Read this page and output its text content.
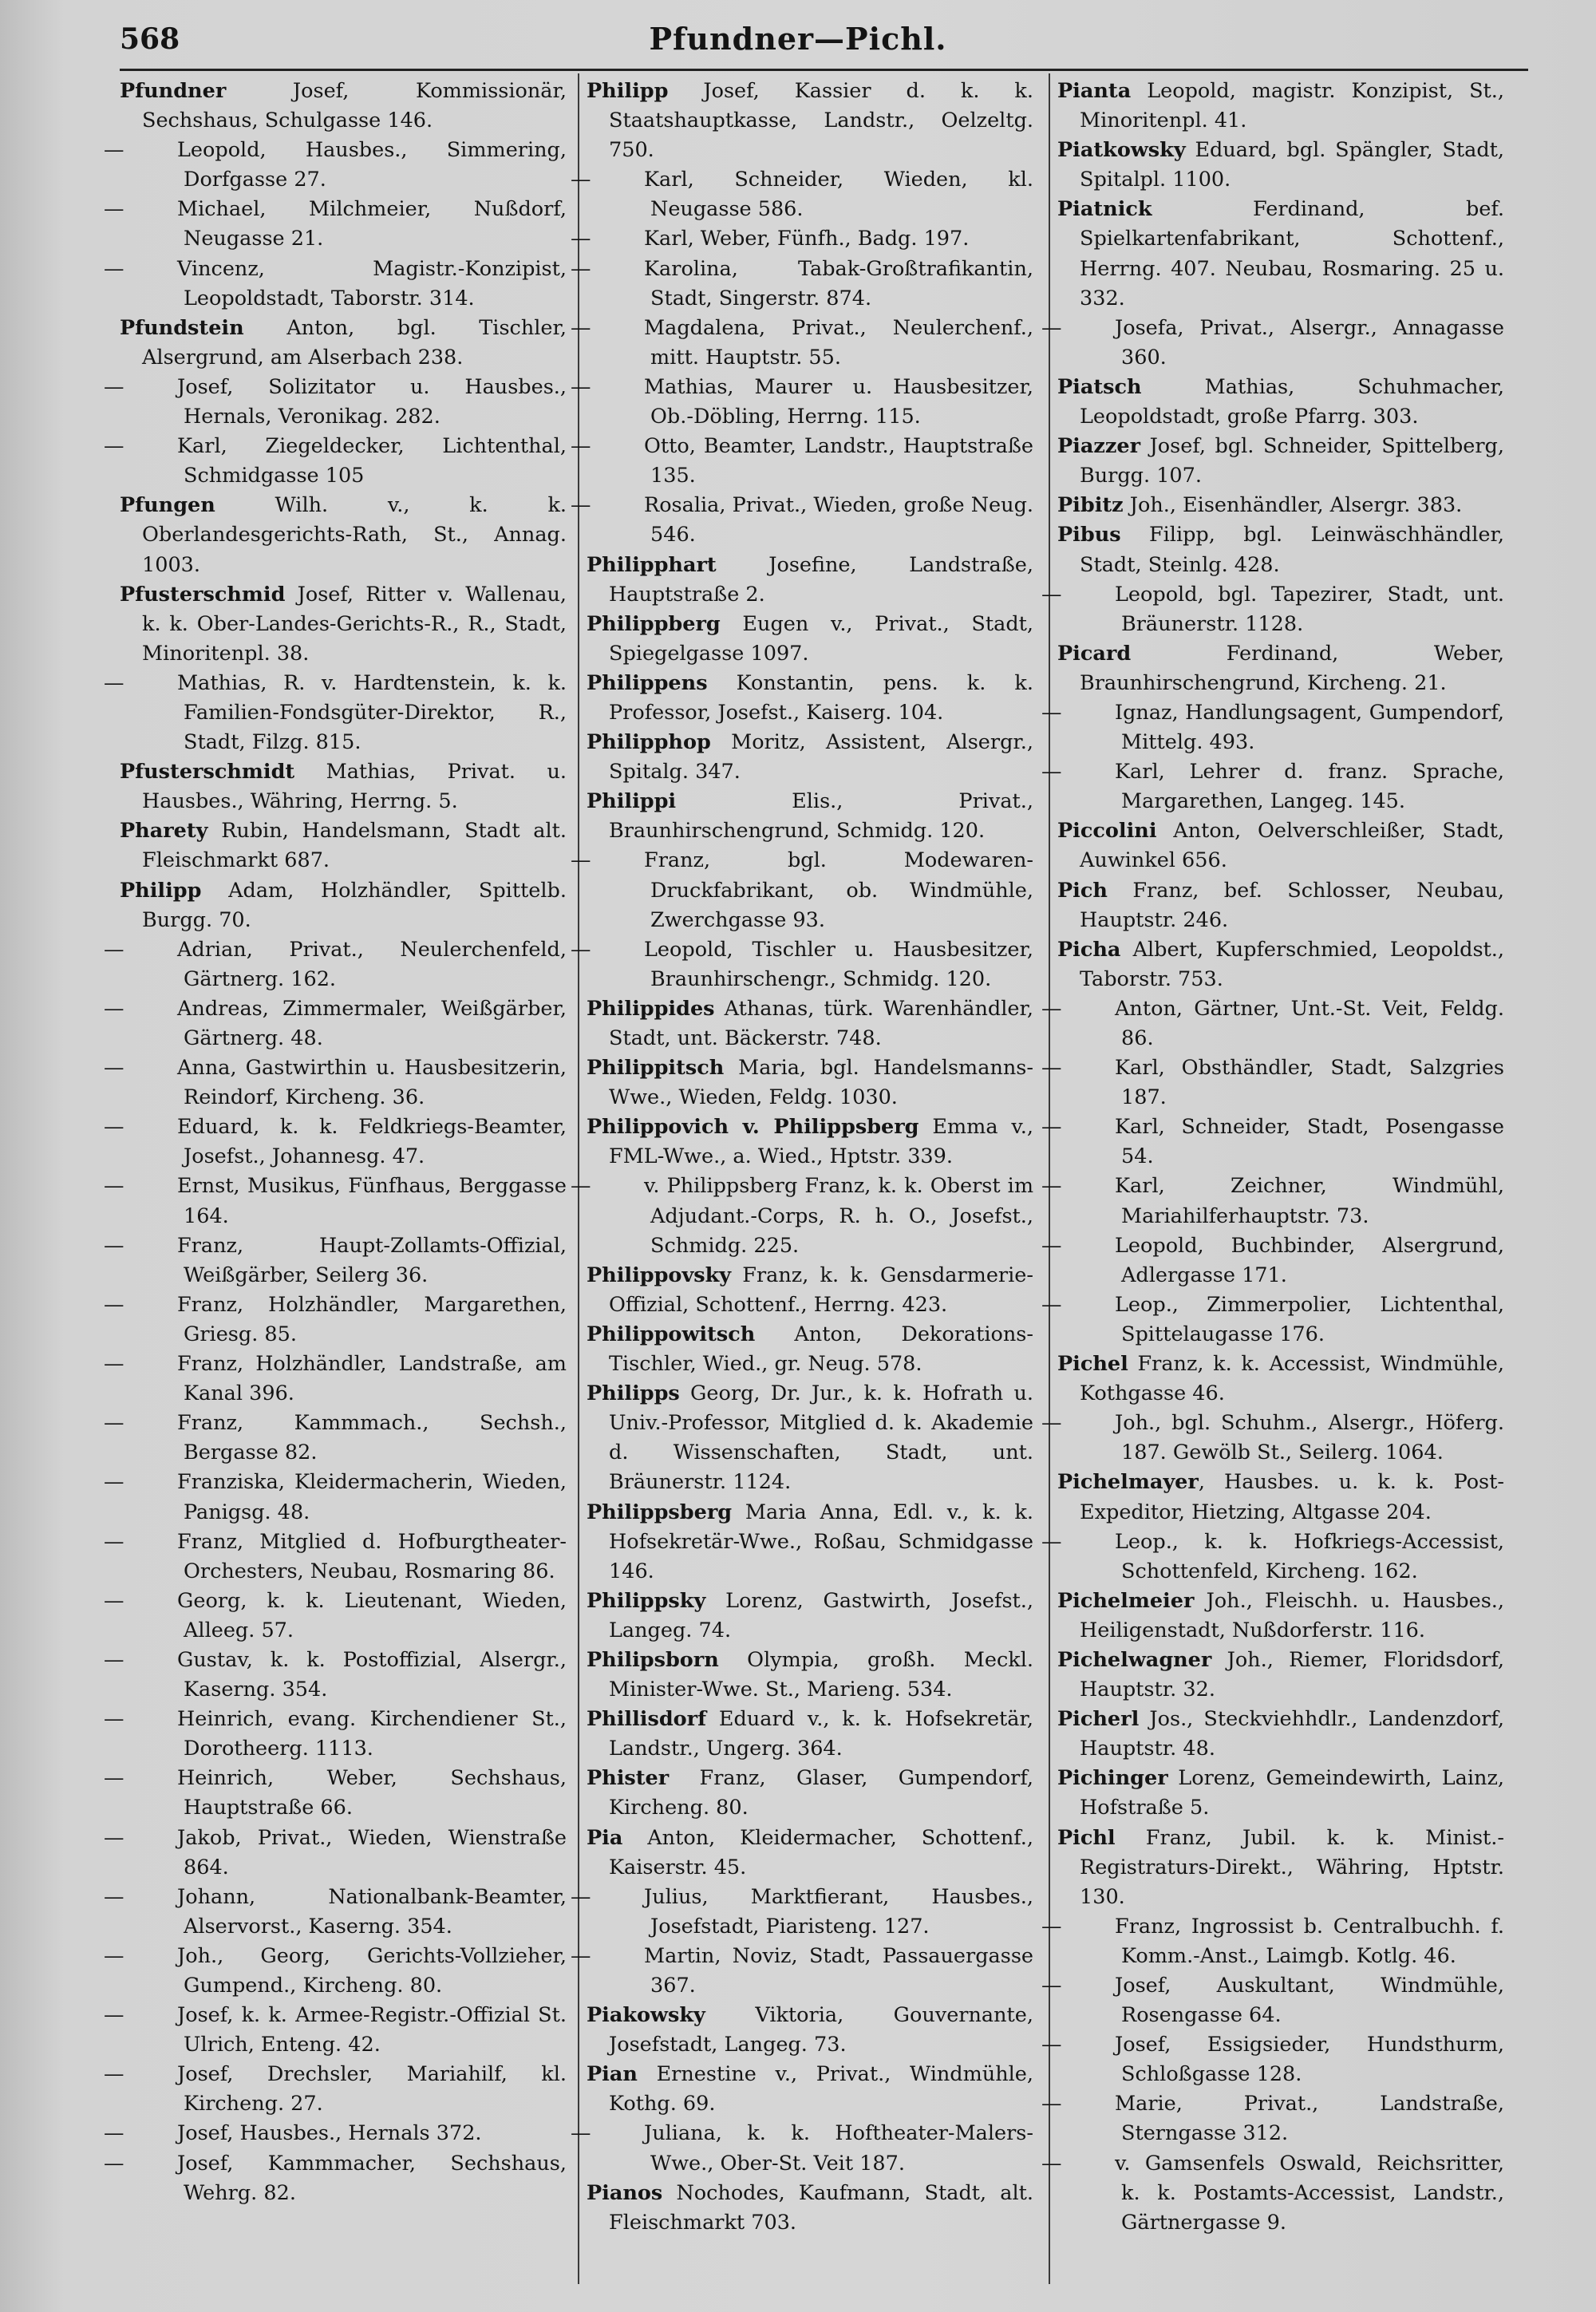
568	Pfundner—Pichl.

Pfundner Josef, Kommissionär, Sechshaus, Schulgasse 146.

—	Leopold, Hausbes., Simmering, Dorfgasse 27.

—	Michael, Milchmeier, Nußdorf, Neugasse 21.

—	Vincenz, Magistr.-Konzipist, Leopoldstadt, Taborstr. 314.

Pfundstein Anton, bgl. Tischler, Alsergrund, am Alserbach 238.

—	Josef, Solizitator u. Hausbes., Hernals, Veronikag. 282.

—	Karl, Ziegeldecker, Lichtenthal, Schmidgasse 105

Pfungen Wilh. v., k. k. Oberlandesgerichts-Rath, St., Annag. 1003.

Pfusterschmid Josef, Ritter v. Wallenau, k. k. Ober-Landes-Gerichts-R., R., Stadt, Minoritenpl. 38.

—	Mathias, R. v. Hardtenstein, k. k. Familien-Fondsgüter-Direktor, R., Stadt, Filzg. 815.

Pfusterschmidt Mathias, Privat. u. Hausbes., Währing, Herrng. 5.

Pharety Rubin, Handelsmann, Stadt alt. Fleischmarkt 687.

Philipp Adam, Holzhändler, Spittelb. Burgg. 70.

—	Adrian, Privat., Neulerchenfeld, Gärtnerg. 162.

—	Andreas, Zimmermaler, Weißgärber, Gärtnerg. 48.

—	Anna, Gastwirthin u. Hausbesitzerin, Reindorf, Kircheng. 36.

—	Eduard, k. k. Feldkriegs-Beamter, Josefst., Johannesg. 47.

—	Ernst, Musikus, Fünfhaus, Berggasse 164.

—	Franz, Haupt-Zollamts-Offizial, Weißgärber, Seilerg 36.

—	Franz, Holzhändler, Margarethen, Griesg. 85.

—	Franz, Holzhändler, Landstraße, am Kanal 396.

—	Franz, Kammmach., Sechsh., Bergasse 82.

—	Franziska, Kleidermacherin, Wieden, Panigsg. 48.

—	Franz, Mitglied d. Hofburgtheater-Orchesters, Neubau, Rosmaring 86.

—	Georg, k. k. Lieutenant, Wieden, Alleeg. 57.

—	Gustav, k. k. Postoffizial, Alsergr., Kaserng. 354.

—	Heinrich, evang. Kirchendiener St., Dorotheerg. 1113.

—	Heinrich, Weber, Sechshaus, Hauptstraße 66.

—	Jakob, Privat., Wieden, Wienstraße 864.

—	Johann, Nationalbank-Beamter, Alservorst., Kaserng. 354.

—	Joh., Georg, Gerichts-Vollzieher, Gumpend., Kircheng. 80.

—	Josef, k. k. Armee-Registr.-Offizial St. Ulrich, Enteng. 42.

—	Josef, Drechsler, Mariahilf, kl. Kircheng. 27.

—	Josef, Hausbes., Hernals 372.

—	Josef, Kammmacher, Sechshaus, Wehrg. 82.

Philipp Josef, Kassier d. k. k. Staatshauptkasse, Landstr., Oelzeltg. 750.

—	Karl, Schneider, Wieden, kl. Neugasse 586.

—	Karl, Weber, Fünfh., Badg. 197.

—	Karolina, Tabak-Großtrafikantin, Stadt, Singerstr. 874.

—	Magdalena, Privat., Neulerchenf., mitt. Hauptstr. 55.

—	Mathias, Maurer u. Hausbesitzer, Ob.-Döbling, Herrng. 115.

—	Otto, Beamter, Landstr., Hauptstraße 135.

—	Rosalia, Privat., Wieden, große Neug. 546.

Philipphart Josefine, Landstraße, Hauptstraße 2.

Philippberg Eugen v., Privat., Stadt, Spiegelgasse 1097.

Philippens Konstantin, pens. k. k. Professor, Josefst., Kaiserg. 104.

Philipphop Moritz, Assistent, Alsergr., Spitalg. 347.

Philippi Elis., Privat., Braunhirschengrund, Schmidg. 120.

—	Franz, bgl. Modewaren-Druckfabrikant, ob. Windmühle, Zwerchgasse 93.

—	Leopold, Tischler u. Hausbesitzer, Braunhirschengr., Schmidg. 120.

Philippides Athanas, türk. Warenhändler, Stadt, unt. Bäckerstr. 748.

Philippitsch Maria, bgl. Handelsmanns-Wwe., Wieden, Feldg. 1030.

Philippovich v. Philippsberg Emma v., FML-Wwe., a. Wied., Hptstr. 339.

—	v. Philippsberg Franz, k. k. Oberst im Adjudant.-Corps, R. h. O., Josefst., Schmidg. 225.

Philippovsky Franz, k. k. Gensdarmerie-Offizial, Schottenf., Herrng. 423.

Philippowitsch Anton, Dekorations-Tischler, Wied., gr. Neug. 578.

Philipps Georg, Dr. Jur., k. k. Hofrath u. Univ.-Professor, Mitglied d. k. Akademie d. Wissenschaften, Stadt, unt. Bräunerstr. 1124.

Philippsberg Maria Anna, Edl. v., k. k. Hofsekretär-Wwe., Roßau, Schmidgasse 146.

Philippsky Lorenz, Gastwirth, Josefst., Langeg. 74.

Philipsborn Olympia, großh. Meckl. Minister-Wwe. St., Marieng. 534.

Phillisdorf Eduard v., k. k. Hofsekretär, Landstr., Ungerg. 364.

Phister Franz, Glaser, Gumpendorf, Kircheng. 80.

Pia Anton, Kleidermacher, Schottenf., Kaiserstr. 45.

—	Julius, Marktfierant, Hausbes., Josefstadt, Piaristeng. 127.

—	Martin, Noviz, Stadt, Passauergasse 367.

Piakowsky Viktoria, Gouvernante, Josefstadt, Langeg. 73.

Pian Ernestine v., Privat., Windmühle, Kothg. 69.

—	Juliana, k. k. Hoftheater-Malers-Wwe., Ober-St. Veit 187.

Pianos Nochodes, Kaufmann, Stadt, alt. Fleischmarkt 703.

Pianta Leopold, magistr. Konzipist, St., Minoritenpl. 41.

Piatkowsky Eduard, bgl. Spängler, Stadt, Spitalpl. 1100.

Piatnick Ferdinand, bef. Spielkartenfabrikant, Schottenf., Herrng. 407. Neubau, Rosmaring. 25 u. 332.

—	Josefa, Privat., Alsergr., Annagasse 360.

Piatsch Mathias, Schuhmacher, Leopoldstadt, große Pfarrg. 303.

Piazzer Josef, bgl. Schneider, Spittelberg, Burgg. 107.

Pibitz Joh., Eisenhändler, Alsergr. 383.

Pibus Filipp, bgl. Leinwäschhändler, Stadt, Steinlg. 428.

—	Leopold, bgl. Tapezirer, Stadt, unt. Bräunerstr. 1128.

Picard Ferdinand, Weber, Braunhirschengrund, Kircheng. 21.

—	Ignaz, Handlungsagent, Gumpendorf, Mittelg. 493.

—	Karl, Lehrer d. franz. Sprache, Margarethen, Langeg. 145.

Piccolini Anton, Oelverschleißer, Stadt, Auwinkel 656.

Pich Franz, bef. Schlosser, Neubau, Hauptstr. 246.

Picha Albert, Kupferschmied, Leopoldst., Taborstr. 753.

—	Anton, Gärtner, Unt.-St. Veit, Feldg. 86.

—	Karl, Obsthändler, Stadt, Salzgries 187.

—	Karl, Schneider, Stadt, Posengasse 54.

—	Karl, Zeichner, Windmühl, Mariahilferhauptstr. 73.

—	Leopold, Buchbinder, Alsergrund, Adlergasse 171.

—	Leop., Zimmerpolier, Lichtenthal, Spittelaugasse 176.

Pichel Franz, k. k. Accessist, Windmühle, Kothgasse 46.

—	Joh., bgl. Schuhm., Alsergr., Höferg. 187. Gewölb St., Seilerg. 1064.

Pichelmayer, Hausbes. u. k. k. Post-Expeditor, Hietzing, Altgasse 204.

—	Leop., k. k. Hofkriegs-Accessist, Schottenfeld, Kircheng. 162.

Pichelmeier Joh., Fleischh. u. Hausbes., Heiligenstadt, Nußdorferstr. 116.

Pichelwagner Joh., Riemer, Floridsdorf, Hauptstr. 32.

Picherl Jos., Steckviehhdlr., Landenzdorf, Hauptstr. 48.

Pichinger Lorenz, Gemeindewirth, Lainz, Hofstraße 5.

Pichl Franz, Jubil. k. k. Minist.-Registraturs-Direkt., Währing, Hptstr. 130.

—	Franz, Ingrossist b. Centralbuchh. f. Komm.-Anst., Laimgb. Kotlg. 46.

—	Josef, Auskultant, Windmühle, Rosengasse 64.

—	Josef, Essigsieder, Hundsthurm, Schloßgasse 128.

—	Marie, Privat., Landstraße, Sterngasse 312.

—	v. Gamsenfels Oswald, Reichsritter, k. k. Postamts-Accessist, Landstr., Gärtnergasse 9.
